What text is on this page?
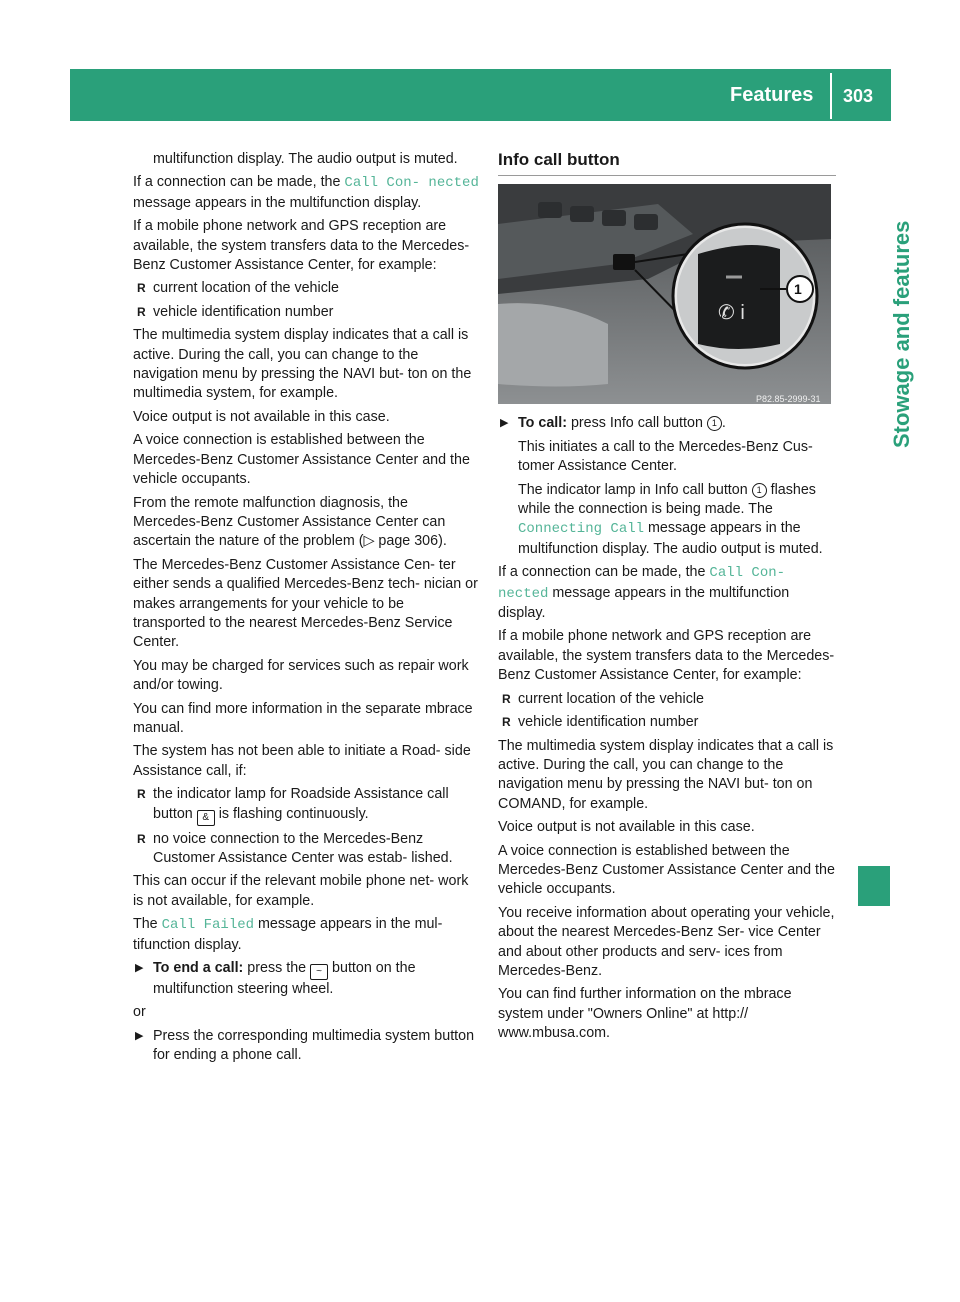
Features 303
Stowage and features

multifunction display. The audio output is muted.

If a connection can be made, the Call Con‐ nected message appears in the multifunction display.

If a mobile phone network and GPS reception are available, the system transfers data to the Mercedes-Benz Customer Assistance Center, for example:

R current location of the vehicle
R vehicle identification number

The multimedia system display indicates that a call is active. During the call, you can change to the navigation menu by pressing the NAVI but- ton on the multimedia system, for example.

Voice output is not available in this case.

A voice connection is established between the Mercedes-Benz Customer Assistance Center and the vehicle occupants.

From the remote malfunction diagnosis, the Mercedes-Benz Customer Assistance Center can ascertain the nature of the problem (▷ page 306).

The Mercedes-Benz Customer Assistance Cen- ter either sends a qualified Mercedes-Benz tech- nician or makes arrangements for your vehicle to be transported to the nearest Mercedes-Benz Service Center.

You may be charged for services such as repair work and/or towing.

You can find more information in the separate mbrace manual.

The system has not been able to initiate a Road- side Assistance call, if:

R the indicator lamp for Roadside Assistance call button & is flashing continuously.
R no voice connection to the Mercedes-Benz Customer Assistance Center was estab- lished.

This can occur if the relevant mobile phone net- work is not available, for example.

The Call Failed message appears in the mul- tifunction display.

▶ To end a call: press the ~ button on the multifunction steering wheel.

or

▶ Press the corresponding multimedia system button for ending a phone call.
Info call button
✆ i
1
P82.85-2999-31
▶ To call: press Info call button 1 .

This initiates a call to the Mercedes-Benz Cus- tomer Assistance Center.

The indicator lamp in Info call button 1 flashes while the connection is being made. The Connecting Call message appears in the multifunction display. The audio output is muted.

If a connection can be made, the Call Con‐ nected message appears in the multifunction display.

If a mobile phone network and GPS reception are available, the system transfers data to the Mercedes-Benz Customer Assistance Center, for example:

R current location of the vehicle
R vehicle identification number

The multimedia system display indicates that a call is active. During the call, you can change to the navigation menu by pressing the NAVI but- ton on COMAND, for example.

Voice output is not available in this case.

A voice connection is established between the Mercedes-Benz Customer Assistance Center and the vehicle occupants.

You receive information about operating your vehicle, about the nearest Mercedes-Benz Ser- vice Center and about other products and serv- ices from Mercedes-Benz.

You can find further information on the mbrace system under "Owners Online" at http:// www.mbusa.com.
